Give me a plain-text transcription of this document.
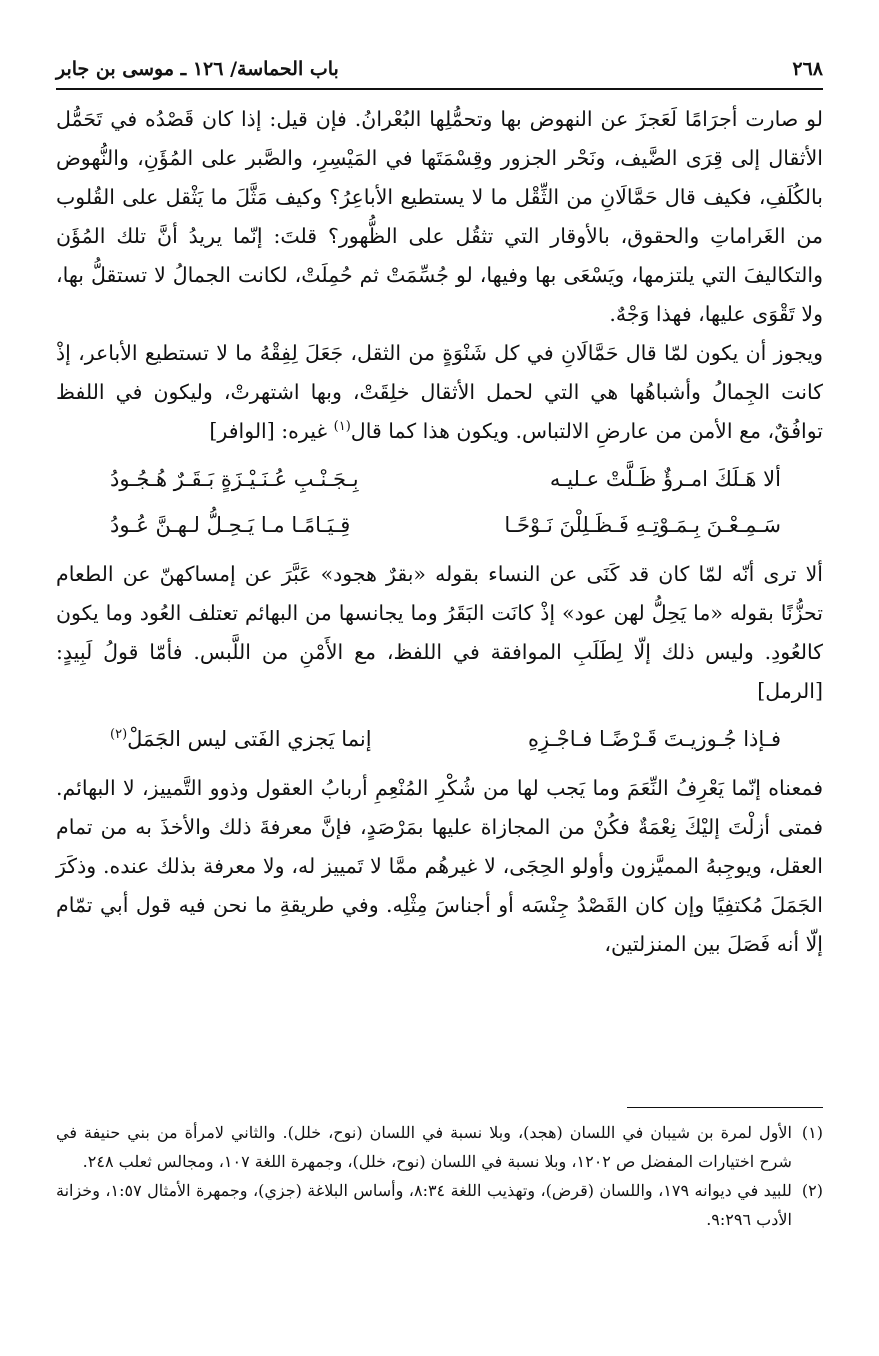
٢٦٨
باب الحماسة/ ١٢٦ ـ موسى بن جابر

لو صارت أجرَامًا لَعَجزَ عن النهوض بها وتحمُّلِها البُعْرانُ. فإن قيل: إذا كان قَصْدُه في تَحَمُّل الأثقال إلى قِرَى الضَّيف، ونَحْر الجزور وقِسْمَتَها في المَيْسِرِ، والصَّبر على المُؤَنِ، والنُّهوض بالكُلَفِ، فكيف قال حَمَّالَانِ من الثِّقْل ما لا يستطيع الأباعِرُ؟ وكيف مَثَّلَ ما يَثْقل على القُلوب من الغَراماتِ والحقوق، بالأوقار التي تثقُل على الظُّهور؟ قلتَ: إنّما يريدُ أنَّ تلك المُؤَن والتكاليفَ التي يلتزمها، ويَسْعَى بها وفيها، لو جُسِّمَتْ ثم حُمِلَتْ، لكانت الجمالُ لا تستقلُّ بها، ولا تَقْوَى عليها، فهذا وَجْهٌ.

ويجوز أن يكون لمّا قال حَمَّالَانِ في كل شَنْوَةٍ من الثقل، جَعَلَ لِفِقْهُ ما لا تستطيع الأباعر، إذْ كانت الجِمالُ وأشباهُها هي التي لحمل الأثقال خلِقَتْ، وبها اشتهرتْ، وليكون في اللفظ توافُقٌ، مع الأمن من عارضِ الالتباس. ويكون هذا كما قال$^{(١)}$ غيره: [الوافر]

ألا هَـلَكَ امـرؤٌ ظَـلَّتْ عـليـه
بِـجَـنْـبِ عُـنَـيْـزَةٍ بَـقَـرٌ هُـجُـودُ
سَـمِـعْـنَ بِـمَـوْتِـهِ فَـظَـلِلْنَ نَـوْحًـا
قِـيَـامًـا مـا يَـحِـلُّ لـهـنَّ عُـودُ

ألا ترى أنّه لمّا كان قد كَنَى عن النساء بقوله «بقرٌ هجود» عَبَّرَ عن إمساكهنّ عن الطعام تحزُّنًا بقوله «ما يَحِلُّ لهن عود» إذْ كانَت البَقَرُ وما يجانسها من البهائم تعتلف العُود وما يكون كالعُودِ. وليس ذلك إلّا لِطَلَبِ الموافقة في اللفظ، مع الأَمْنِ من اللَّبس. فأمّا قولُ لَبِيدٍ: [الرمل]

فـإذا جُـوزيـتَ قَـرْضًـا فـاجْـزِهِ
إنما يَجزي الفَتى ليس الجَمَلْ$^{(٢)}$

فمعناه إنّما يَعْرِفُ النِّعَمَ وما يَجب لها من شُكْرِ المُنْعِمِ أربابُ العقول وذوو التَّمييز، لا البهائم. فمتى أزلْتَ إليْكَ نِعْمَةٌ فكُنْ من المجازاة عليها بمَرْصَدٍ، فإنَّ معرفةَ ذلك والأخذَ به من تمام العقل، ويوجِبهُ المميَّزون وأولو الحِجَى، لا غيرهُم ممَّا لا تَمييز له، ولا معرفة بذلك عنده. وذكَرَ الجَمَلَ مُكتفِيًا وإن كان القَصْدُ جِنْسَه أو أجناسَ مِثْلِه. وفي طريقةِ ما نحن فيه قول أبي تمّام إلّا أنه فَصَلَ بين المنزلتين،

(١)
الأول لمرة بن شيبان في اللسان (هجد)، وبلا نسبة في اللسان (نوح، خلل). والثاني لامرأة من بني حنيفة في شرح اختيارات المفضل ص ١٢٠٢، وبلا نسبة في اللسان (نوح، خلل)، وجمهرة اللغة ١٠٧، ومجالس ثعلب ٢٤٨.

(٢)
للبيد في ديوانه ١٧٩، واللسان (قرض)، وتهذيب اللغة ٨:٣٤، وأساس البلاغة (جزي)، وجمهرة الأمثال ١:٥٧، وخزانة الأدب ٩:٢٩٦.
